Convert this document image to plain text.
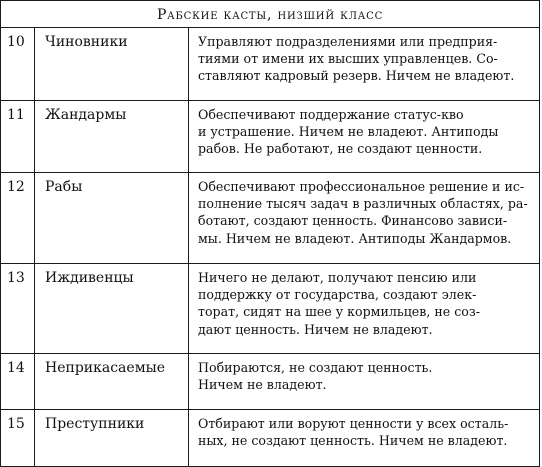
Рабские касты, низший класс		
10	Чиновники	Управляют подразделениями или предприя-
тиями от имени их высших управленцев. Со-
ставляют кадровый резерв. Ничем не владеют.

11	Жандармы	Обеспечивают поддержание статус-кво
и устрашение. Ничем не владеют. Антиподы
рабов. Не работают, не создают ценности.

12	Рабы	Обеспечивают профессиональное решение и ис-
полнение тысяч задач в различных областях, ра-
ботают, создают ценность. Финансово зависи-
мы. Ничем не владеют. Антиподы Жандармов.

13	Иждивенцы	Ничего не делают, получают пенсию или
поддержку от государства, создают элек-
торат, сидят на шее у кормильцев, не соз-
дают ценность. Ничем не владеют.

14	Неприкасаемые	Побираются, не создают ценность.
Ничем не владеют.

15	Преступники	Отбирают или воруют ценности у всех осталь-
ных, не создают ценность. Ничем не владеют.
